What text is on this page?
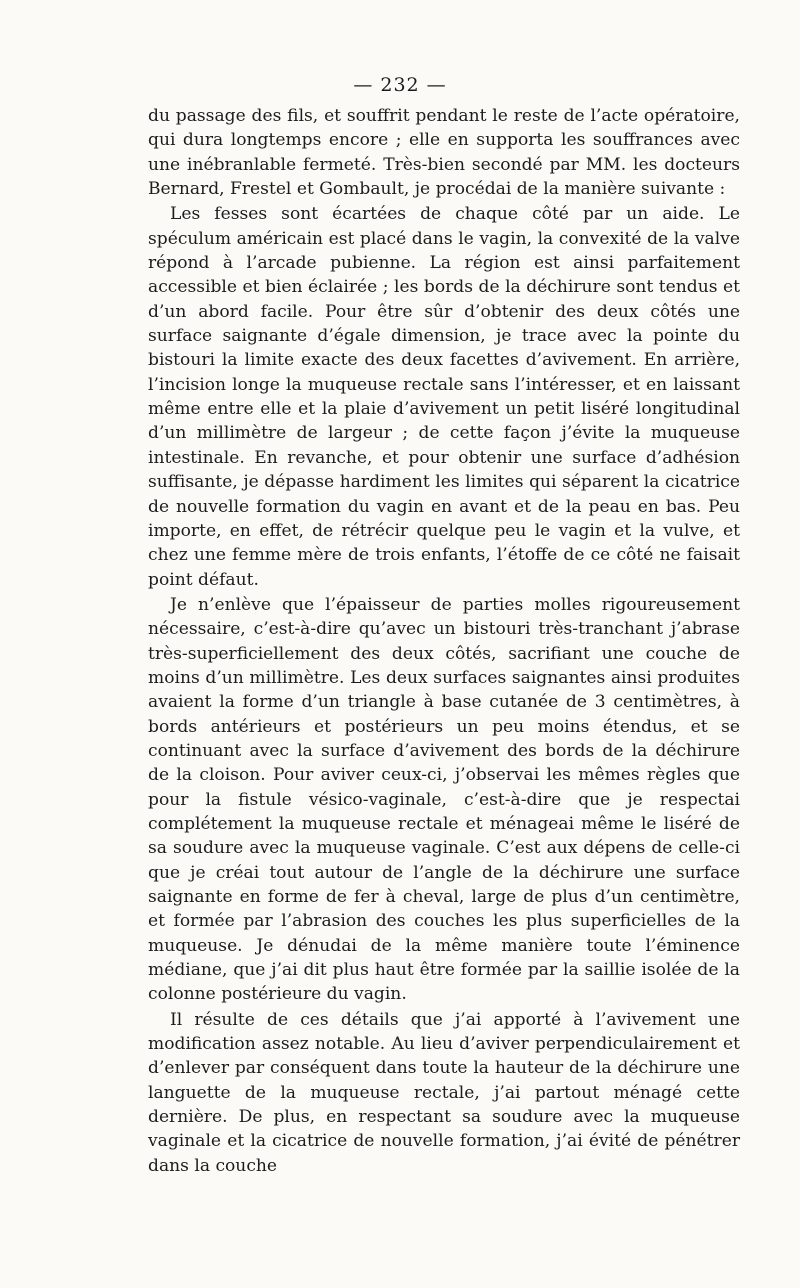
— 232 —

du passage des fils, et souffrit pendant le reste de l’acte opératoire, qui dura longtemps encore ; elle en supporta les souffrances avec une inébranlable fermeté. Très-bien secondé par MM. les docteurs Bernard, Frestel et Gombault, je procédai de la manière suivante :

Les fesses sont écartées de chaque côté par un aide. Le spéculum américain est placé dans le vagin, la convexité de la valve répond à l’arcade pubienne. La région est ainsi parfaitement accessible et bien éclairée ; les bords de la déchirure sont tendus et d’un abord facile. Pour être sûr d’obtenir des deux côtés une surface saignante d’égale dimension, je trace avec la pointe du bistouri la limite exacte des deux facettes d’avivement. En arrière, l’incision longe la muqueuse rectale sans l’intéresser, et en laissant même entre elle et la plaie d’avivement un petit liséré longitudinal d’un millimètre de largeur ; de cette façon j’évite la muqueuse intestinale. En revanche, et pour obtenir une surface d’adhésion suffisante, je dépasse hardiment les limites qui séparent la cicatrice de nouvelle formation du vagin en avant et de la peau en bas. Peu importe, en effet, de rétrécir quelque peu le vagin et la vulve, et chez une femme mère de trois enfants, l’étoffe de ce côté ne faisait point défaut.

Je n’enlève que l’épaisseur de parties molles rigoureusement nécessaire, c’est-à-dire qu’avec un bistouri très-tranchant j’abrase très-superficiellement des deux côtés, sacrifiant une couche de moins d’un millimètre. Les deux surfaces saignantes ainsi produites avaient la forme d’un triangle à base cutanée de 3 centimètres, à bords antérieurs et postérieurs un peu moins étendus, et se continuant avec la surface d’avivement des bords de la déchirure de la cloison. Pour aviver ceux-ci, j’observai les mêmes règles que pour la fistule vésico-vaginale, c’est-à-dire que je respectai complétement la muqueuse rectale et ménageai même le liséré de sa soudure avec la muqueuse vaginale. C’est aux dépens de celle-ci que je créai tout autour de l’angle de la déchirure une surface saignante en forme de fer à cheval, large de plus d’un centimètre, et formée par l’abrasion des couches les plus superficielles de la muqueuse. Je dénudai de la même manière toute l’éminence médiane, que j’ai dit plus haut être formée par la saillie isolée de la colonne postérieure du vagin.

Il résulte de ces détails que j’ai apporté à l’avivement une modification assez notable. Au lieu d’aviver perpendiculairement et d’enlever par conséquent dans toute la hauteur de la déchirure une languette de la muqueuse rectale, j’ai partout ménagé cette dernière. De plus, en respectant sa soudure avec la muqueuse vaginale et la cicatrice de nouvelle formation, j’ai évité de pénétrer dans la couche
